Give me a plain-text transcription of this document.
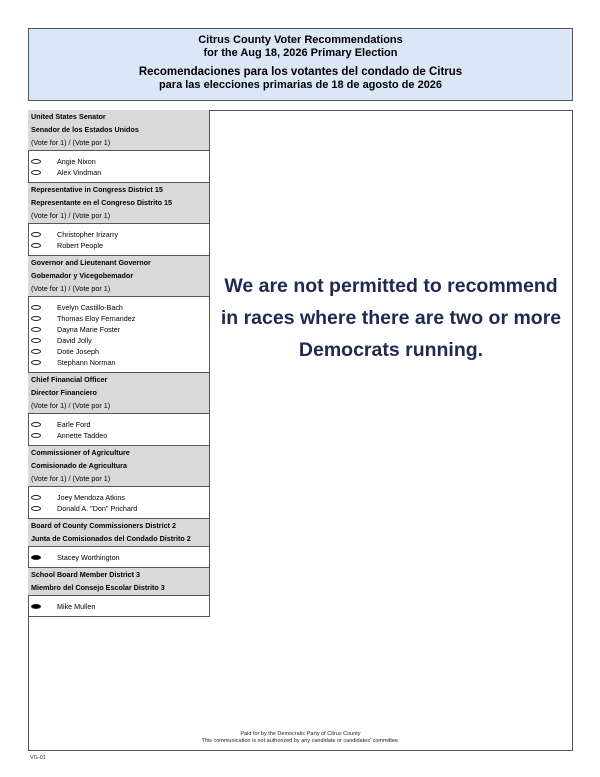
Citrus County Voter Recommendations
for the Aug 18, 2026 Primary Election
Recomendaciones para los votantes del condado de Citrus
para las elecciones primarias de 18 de agosto de 2026
United States Senator
Senador de los Estados Unidos
(Vote for 1) / (Vote por 1)
Angie Nixon
Alex Vindman
Representative in Congress District 15
Representante en el Congreso Distrito 15
(Vote for 1) / (Vote por 1)
Christopher Irizarry
Robert People
Governor and Lieutenant Governor
Gobemador y Vicegobemador
(Vote for 1) / (Vote por 1)
Evelyn Castillo-Bach
Thomas Eloy Fernandez
Dayna Marie Foster
David Jolly
Dotie Joseph
Stephann Norman
Chief Financial Officer
Director Financiero
(Vote for 1) / (Vote por 1)
Earle Ford
Annette Taddeo
Commissioner of Agriculture
Comisionado de Agricultura
(Vote for 1) / (Vote por 1)
Joey Mendoza Atkins
Donald A. "Don" Prichard
Board of County Commissioners District 2
Junta de Comisionados del Condado Distrito 2
Stacey Worthington
School Board Member District 3
Miembro del Consejo Escolar Distrito 3
Mike Mullen
We are not permitted to recommend in races where there are two or more Democrats running.
Paid for by the Democratic Party of Citrus County
This communication is not authorized by any candidate or candidates' committee.
VG-01
